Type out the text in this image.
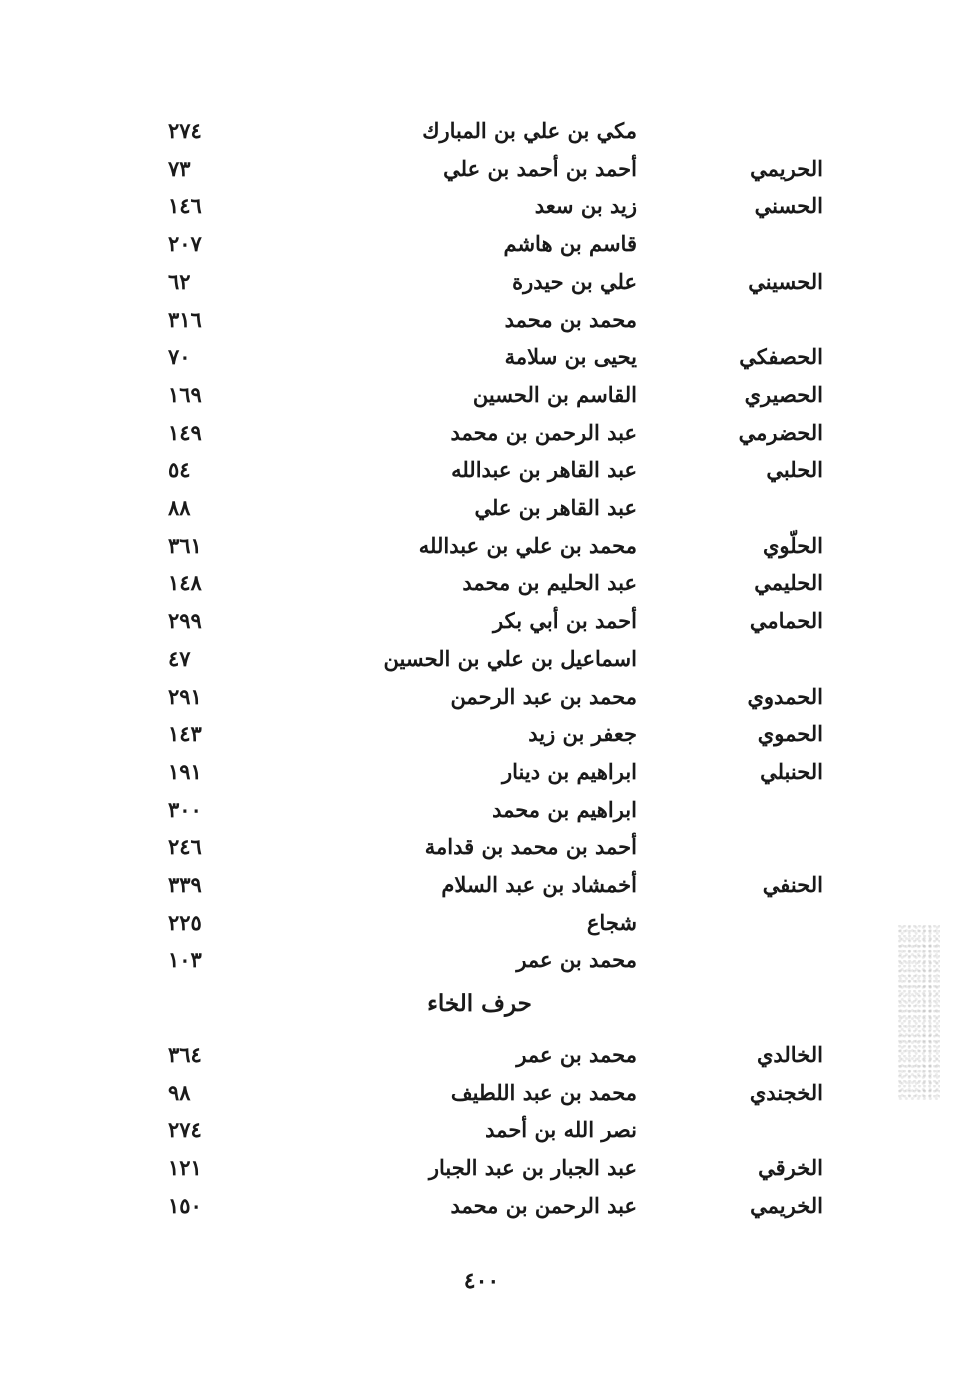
مكي بن علي بن المبارك
٢٧٤
الحريمي
أحمد بن أحمد بن علي
٧٣
الحسني
زيد بن سعد
١٤٦
قاسم بن هاشم
٢٠٧
الحسيني
علي بن حيدرة
٦٢
محمد بن محمد
٣١٦
الحصفكي
يحيى بن سلامة
٧٠
الحصيري
القاسم بن الحسين
١٦٩
الحضرمي
عبد الرحمن بن محمد
١٤٩
الحلبي
عبد القاهر بن عبدالله
٥٤
عبد القاهر بن علي
٨٨
الحلّوي
محمد بن علي بن عبدالله
٣٦١
الحليمي
عبد الحليم بن محمد
١٤٨
الحمامي
أحمد بن أبي بكر
٢٩٩
اسماعيل بن علي بن الحسين
٤٧
الحمدوي
محمد بن عبد الرحمن
٢٩١
الحموي
جعفر بن زيد
١٤٣
الحنبلي
ابراهيم بن دينار
١٩١
ابراهيم بن محمد
٣٠٠
أحمد بن محمد بن قدامة
٢٤٦
الحنفي
أخمشاد بن عبد السلام
٣٣٩
شجاع
٢٢٥
محمد بن عمر
١٠٣
حرف الخاء
الخالدي
محمد بن عمر
٣٦٤
الخجندي
محمد بن عبد اللطيف
٩٨
نصر الله بن أحمد
٢٧٤
الخرقي
عبد الجبار بن عبد الجبار
١٢١
الخريمي
عبد الرحمن بن محمد
١٥٠
٤٠٠
